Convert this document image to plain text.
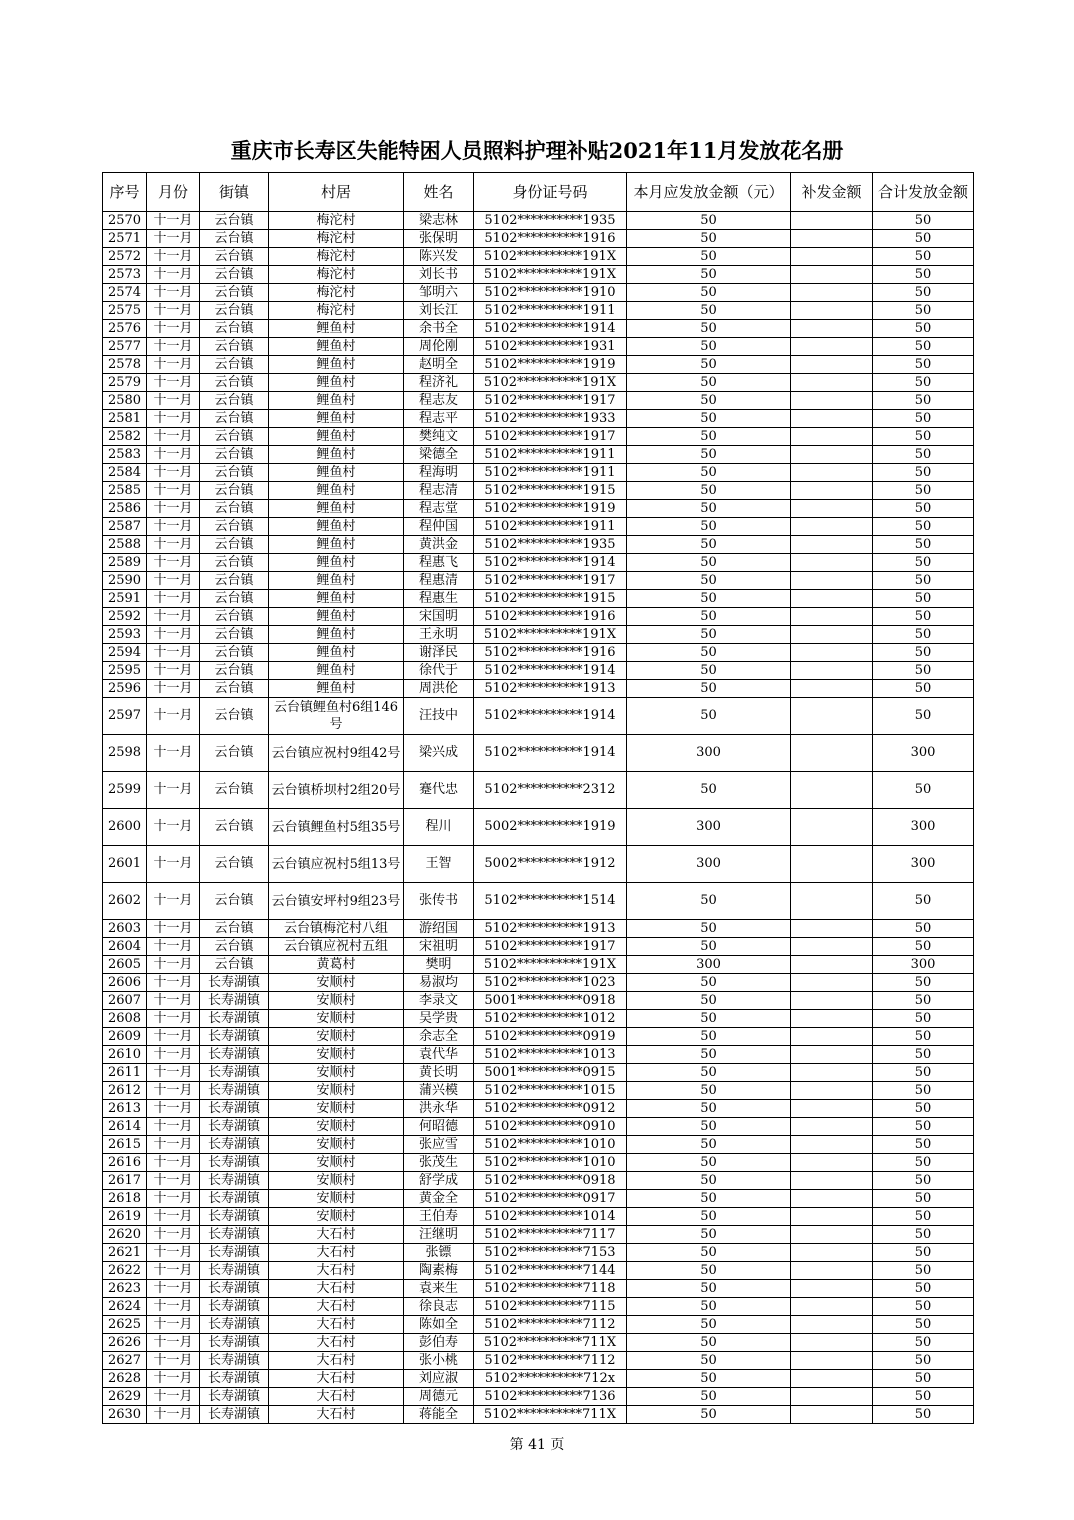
重庆市长寿区失能特困人员照料护理补贴2021年11月发放花名册
序号	月份	街镇	村居	姓名	身份证号码	本月应发放金额（元）	补发金额	合计发放金额
2570	十一月	云台镇	梅沱村	梁志林	5102**********1935	50		50
2571	十一月	云台镇	梅沱村	张保明	5102**********1916	50		50
2572	十一月	云台镇	梅沱村	陈兴发	5102**********191X	50		50
2573	十一月	云台镇	梅沱村	刘长书	5102**********191X	50		50
2574	十一月	云台镇	梅沱村	邹明六	5102**********1910	50		50
2575	十一月	云台镇	梅沱村	刘长江	5102**********1911	50		50
2576	十一月	云台镇	鲤鱼村	余书全	5102**********1914	50		50
2577	十一月	云台镇	鲤鱼村	周伦刚	5102**********1931	50		50
2578	十一月	云台镇	鲤鱼村	赵明全	5102**********1919	50		50
2579	十一月	云台镇	鲤鱼村	程济礼	5102**********191X	50		50
2580	十一月	云台镇	鲤鱼村	程志友	5102**********1917	50		50
2581	十一月	云台镇	鲤鱼村	程志平	5102**********1933	50		50
2582	十一月	云台镇	鲤鱼村	樊纯文	5102**********1917	50		50
2583	十一月	云台镇	鲤鱼村	梁德全	5102**********1911	50		50
2584	十一月	云台镇	鲤鱼村	程海明	5102**********1911	50		50
2585	十一月	云台镇	鲤鱼村	程志清	5102**********1915	50		50
2586	十一月	云台镇	鲤鱼村	程志堂	5102**********1919	50		50
2587	十一月	云台镇	鲤鱼村	程仲国	5102**********1911	50		50
2588	十一月	云台镇	鲤鱼村	黄洪金	5102**********1935	50		50
2589	十一月	云台镇	鲤鱼村	程惠飞	5102**********1914	50		50
2590	十一月	云台镇	鲤鱼村	程惠清	5102**********1917	50		50
2591	十一月	云台镇	鲤鱼村	程惠生	5102**********1915	50		50
2592	十一月	云台镇	鲤鱼村	宋国明	5102**********1916	50		50
2593	十一月	云台镇	鲤鱼村	王永明	5102**********191X	50		50
2594	十一月	云台镇	鲤鱼村	谢泽民	5102**********1916	50		50
2595	十一月	云台镇	鲤鱼村	徐代于	5102**********1914	50		50
2596	十一月	云台镇	鲤鱼村	周洪伦	5102**********1913	50		50
2597	十一月	云台镇	云台镇鲤鱼村6组146号	汪技中	5102**********1914	50		50
2598	十一月	云台镇	云台镇应祝村9组42号	梁兴成	5102**********1914	300		300
2599	十一月	云台镇	云台镇桥坝村2组20号	蹇代忠	5102**********2312	50		50
2600	十一月	云台镇	云台镇鲤鱼村5组35号	程川	5002**********1919	300		300
2601	十一月	云台镇	云台镇应祝村5组13号	王智	5002**********1912	300		300
2602	十一月	云台镇	云台镇安坪村9组23号	张传书	5102**********1514	50		50
2603	十一月	云台镇	云台镇梅沱村八组	游绍国	5102**********1913	50		50
2604	十一月	云台镇	云台镇应祝村五组	宋祖明	5102**********1917	50		50
2605	十一月	云台镇	黄葛村	樊明	5102**********191X	300		300
2606	十一月	长寿湖镇	安顺村	易淑均	5102**********1023	50		50
2607	十一月	长寿湖镇	安顺村	李录文	5001**********0918	50		50
2608	十一月	长寿湖镇	安顺村	吴学贵	5102**********1012	50		50
2609	十一月	长寿湖镇	安顺村	余志全	5102**********0919	50		50
2610	十一月	长寿湖镇	安顺村	袁代华	5102**********1013	50		50
2611	十一月	长寿湖镇	安顺村	黄长明	5001**********0915	50		50
2612	十一月	长寿湖镇	安顺村	蒲兴模	5102**********1015	50		50
2613	十一月	长寿湖镇	安顺村	洪永华	5102**********0912	50		50
2614	十一月	长寿湖镇	安顺村	何昭德	5102**********0910	50		50
2615	十一月	长寿湖镇	安顺村	张应雪	5102**********1010	50		50
2616	十一月	长寿湖镇	安顺村	张茂生	5102**********1010	50		50
2617	十一月	长寿湖镇	安顺村	舒学成	5102**********0918	50		50
2618	十一月	长寿湖镇	安顺村	黄金全	5102**********0917	50		50
2619	十一月	长寿湖镇	安顺村	王伯寿	5102**********1014	50		50
2620	十一月	长寿湖镇	大石村	汪继明	5102**********7117	50		50
2621	十一月	长寿湖镇	大石村	张镖	5102**********7153	50		50
2622	十一月	长寿湖镇	大石村	陶素梅	5102**********7144	50		50
2623	十一月	长寿湖镇	大石村	袁来生	5102**********7118	50		50
2624	十一月	长寿湖镇	大石村	徐良志	5102**********7115	50		50
2625	十一月	长寿湖镇	大石村	陈如全	5102**********7112	50		50
2626	十一月	长寿湖镇	大石村	彭伯寿	5102**********711X	50		50
2627	十一月	长寿湖镇	大石村	张小桃	5102**********7112	50		50
2628	十一月	长寿湖镇	大石村	刘应淑	5102**********712x	50		50
2629	十一月	长寿湖镇	大石村	周德元	5102**********7136	50		50
2630	十一月	长寿湖镇	大石村	蒋能全	5102**********711X	50		50
第 41 页
